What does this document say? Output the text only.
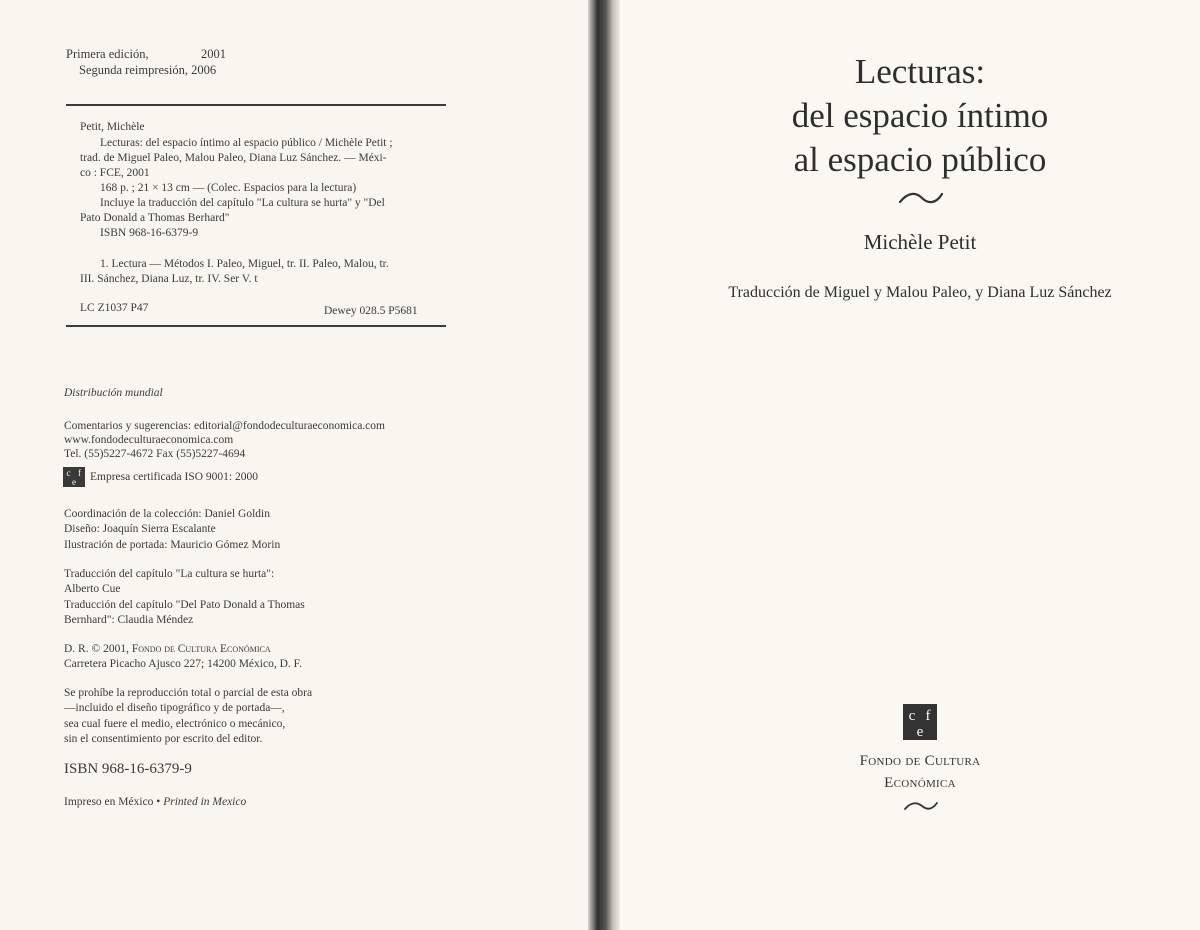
Primera edición,	2001
Segunda reimpresión, 2006
Petit, Michèle
Lecturas: del espacio íntimo al espacio público / Michèle Petit ;
trad. de Miguel Paleo, Malou Paleo, Diana Luz Sánchez. — Méxi-
co : FCE, 2001
168 p. ; 21 × 13 cm — (Colec. Espacios para la lectura)
Incluye la traducción del capítulo "La cultura se hurta" y "Del
Pato Donald a Thomas Berhard"
ISBN 968-16-6379-9
1. Lectura — Métodos I. Paleo, Miguel, tr. II. Paleo, Malou, tr.
III. Sánchez, Diana Luz, tr. IV. Ser V. t
LC Z1037 P47	Dewey 028.5 P5681
Distribución mundial
Comentarios y sugerencias: editorial@fondodeculturaeconomica.com
www.fondodeculturaeconomica.com
Tel. (55)5227-4672 Fax (55)5227-4694
c f
e Empresa certificada ISO 9001: 2000
Coordinación de la colección: Daniel Goldin
Diseño: Joaquín Sierra Escalante
Ilustración de portada: Mauricio Gómez Morin
Traducción del capítulo "La cultura se hurta":
Alberto Cue
Traducción del capítulo "Del Pato Donald a Thomas
Bernhard": Claudia Méndez
D. R. © 2001, Fondo de Cultura Económica
Carretera Picacho Ajusco 227; 14200 México, D. F.
Se prohíbe la reproducción total o parcial de esta obra
—incluido el diseño tipográfico y de portada—,
sea cual fuere el medio, electrónico o mecánico,
sin el consentimiento por escrito del editor.
ISBN 968-16-6379-9
Impreso en México • Printed in Mexico
Lecturas:
del espacio íntimo
al espacio público
Michèle Petit
Traducción de Miguel y Malou Paleo, y Diana Luz Sánchez
c f
e
Fondo de Cultura
Económica
